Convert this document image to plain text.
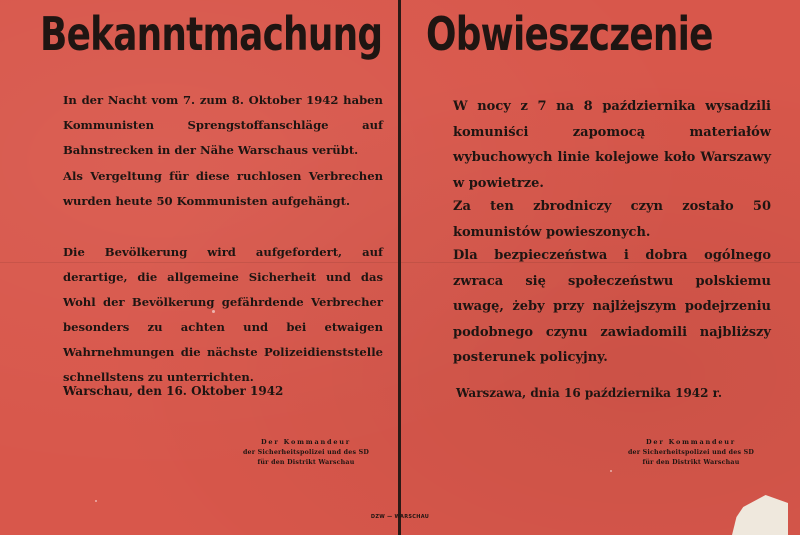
Bekanntmachung
In der Nacht vom 7. zum 8. Oktober 1942 haben Kommunisten Sprengstoffanschläge auf Bahnstrecken in der Nähe Warschaus verübt.
Als Vergeltung für diese ruchlosen Verbrechen wurden heute 50 Kommunisten aufgehängt.
Die Bevölkerung wird aufgefordert, auf derartige, die allgemeine Sicherheit und das Wohl der Bevölkerung gefährdende Verbrecher besonders zu achten und bei etwaigen Wahrnehmungen die nächste Polizeidienststelle schnellstens zu unterrichten.
Warschau, den 16. Oktober 1942
Der Kommandeur
der Sicherheitspolizei und des SD
für den Distrikt Warschau
Obwieszczenie
W nocy z 7 na 8 października wysadzili komuniści zapomocą materiałów wybuchowych linie kolejowe koło Warszawy w powietrze.
Za ten zbrodniczy czyn zostało 50 komunistów powieszonych.
Dla bezpieczeństwa i dobra ogólnego zwraca się społeczeństwu polskiemu uwagę, żeby przy najlżejszym podejrzeniu podobnego czynu zawiadomili najbliższy posterunek policyjny.
Warszawa, dnia 16 października 1942 r.
Der Kommandeur
der Sicherheitspolizei und des SD
für den Distrikt Warschau
DZW — WARSCHAU
